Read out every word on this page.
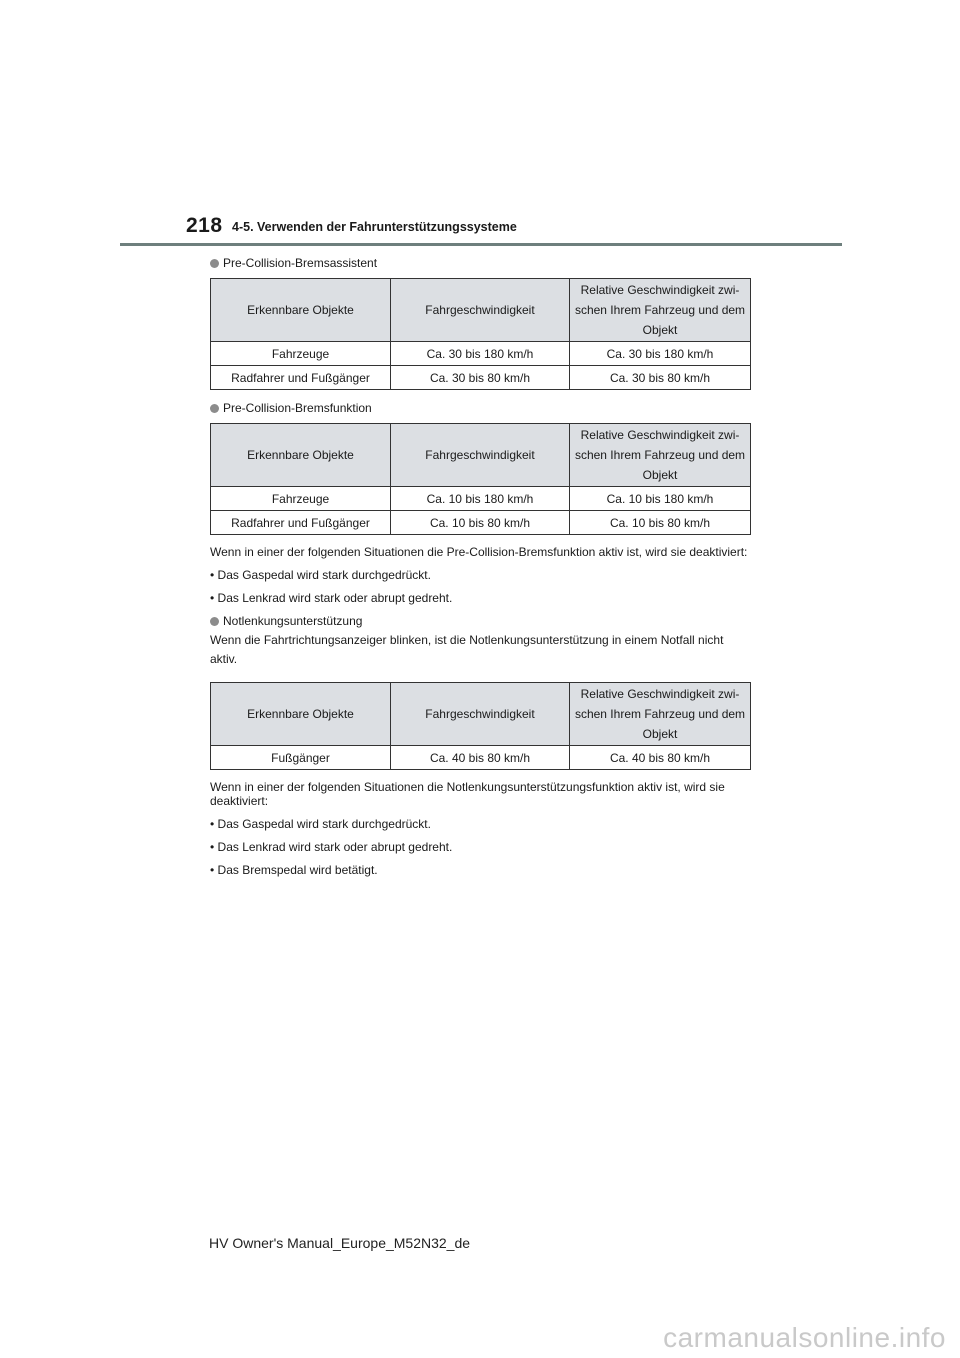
218 4-5. Verwenden der Fahrunterstützungssysteme
Pre-Collision-Bremsassistent
Erkennbare Objekte	Fahrgeschwindigkeit	Relative Geschwindigkeit zwi-schen Ihrem Fahrzeug und dem Objekt
Fahrzeuge	Ca. 30 bis 180 km/h	Ca. 30 bis 180 km/h
Radfahrer und Fußgänger	Ca. 30 bis 80 km/h	Ca. 30 bis 80 km/h
Pre-Collision-Bremsfunktion
Erkennbare Objekte	Fahrgeschwindigkeit	Relative Geschwindigkeit zwi-schen Ihrem Fahrzeug und dem Objekt
Fahrzeuge	Ca. 10 bis 180 km/h	Ca. 10 bis 180 km/h
Radfahrer und Fußgänger	Ca. 10 bis 80 km/h	Ca. 10 bis 80 km/h

Wenn in einer der folgenden Situationen die Pre-Collision-Bremsfunktion aktiv ist, wird sie deaktiviert:

• Das Gaspedal wird stark durchgedrückt.

• Das Lenkrad wird stark oder abrupt gedreht.

Notlenkungsunterstützung

Wenn die Fahrtrichtungsanzeiger blinken, ist die Notlenkungsunterstützung in einem Notfall nicht aktiv.

Erkennbare Objekte	Fahrgeschwindigkeit	Relative Geschwindigkeit zwi-schen Ihrem Fahrzeug und dem Objekt
Fußgänger	Ca. 40 bis 80 km/h	Ca. 40 bis 80 km/h

Wenn in einer der folgenden Situationen die Notlenkungsunterstützungsfunktion aktiv ist, wird sie deaktiviert:

• Das Gaspedal wird stark durchgedrückt.

• Das Lenkrad wird stark oder abrupt gedreht.

• Das Bremspedal wird betätigt.

HV Owner's Manual_Europe_M52N32_de
carmanualsonline.info
